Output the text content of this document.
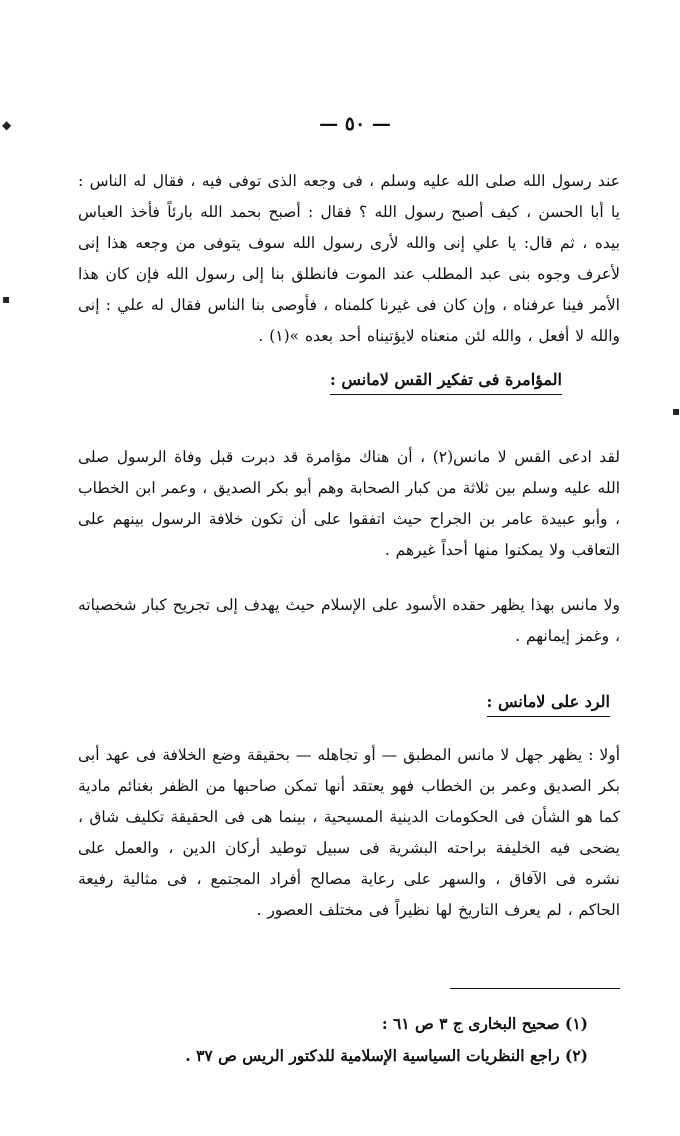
— ٥٠ —
عند رسول الله صلى الله عليه وسلم ، فى وجعه الذى توفى فيه ، فقال له الناس : يا أبا الحسن ، كيف أصبح رسول الله ؟ فقال : أصبح بحمد الله بارئاً فأخذ العباس بيده ، ثم قال: يا علي إنى والله لأرى رسول الله سوف يتوفى من وجعه هذا إنى لأعرف وجوه بنى عبد المطلب عند الموت فانطلق بنا إلى رسول الله فإن كان هذا الأمر فينا عرفناه ، وإن كان فى غيرنا كلمناه ، فأوصى بنا الناس فقال له علي : إنى والله لا أفعل ، والله لئن منعناه لايؤتيناه أحد بعده »(١) .
المؤامرة فى تفكير القس لامانس :
لقد ادعى القس لا مانس(٢) ، أن هناك مؤامرة قد دبرت قبل وفاة الرسول صلى الله عليه وسلم بين ثلاثة من كبار الصحابة وهم أبو بكر الصديق ، وعمر ابن الخطاب ، وأبو عبيدة عامر بن الجراح حيث اتفقوا على أن تكون خلافة الرسول بينهم على التعاقب ولا يمكنوا منها أحداً غيرهم .
ولا مانس بهذا يظهر حقده الأسود على الإسلام حيث يهدف إلى تجريح كبار شخصياته ، وغمز إيمانهم .
الرد على لامانس :
أولا : يظهر جهل لا مانس المطبق — أو تجاهله — بحقيقة وضع الخلافة فى عهد أبى بكر الصديق وعمر بن الخطاب فهو يعتقد أنها تمكن صاحبها من الظفر بغنائم مادية كما هو الشأن فى الحكومات الدينية المسيحية ، بينما هى فى الحقيقة تكليف شاق ، يضحى فيه الخليفة براحته البشرية فى سبيل توطيد أركان الدين ، والعمل على نشره فى الآفاق ، والسهر على رعاية مصالح أفراد المجتمع ، فى مثالية رفيعة الحاكم ، لم يعرف التاريخ لها نظيراً فى مختلف العصور .
(١) صحيح البخارى ج ٣ ص ٦١ :
(٢) راجع النظريات السياسية الإسلامية للدكتور الريس ص ٣٧ .
◆
▪
▪
